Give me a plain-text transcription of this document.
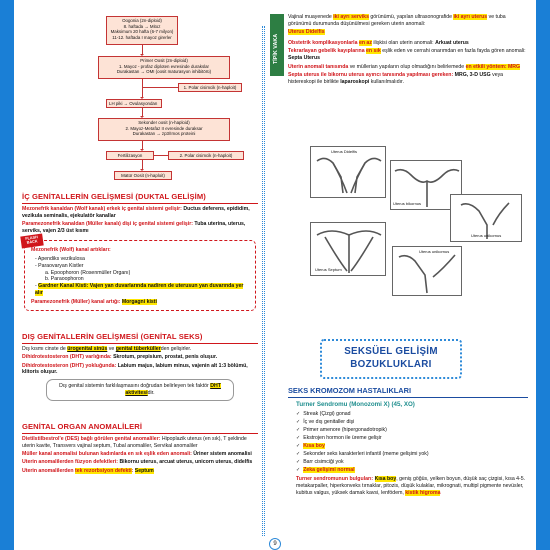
Oogonia (2n-diploid)
8. haftada → Mitoz
Maksimum 20 hafta (6-7 milyon)
11-12. haftada I mayoz girerler
Primer Oosit (2n-diploid)
1. Mayoz - profaz diploten evresinde durakslar
Durakastan → OMI (oosit maturasyon inhibitörü)
1. Polar cisimcik (n-haploit)
LH piki → Ovulasyondan
Sekonder oosit (n-haploid)
2. Mayoz-Metafaz II evresinde duraksar
Durakastan → zp3/Imos proteini
Fertilizasyon	2. Polar cisimcik (n-haploit)
Matür Oosit (n-haploit)
İÇ GENİTALLERİN GELİŞMESİ (DUKTAL GELİŞİM)
Mezonefrik kanaldan (Wolf kanalı) erkek iç genital sistemi gelişir: Ductus deferens, epididim, vezikula seminalis, ejekulatör kanallar
Paramezonefrik kanaldan (Müller kanalı) dişi iç genital sistemi gelişir: Tuba uterina, uterus, serviks, vajen 2/3 üst kısmı
FLASH BACK
Mezonefrik (Wolf) kanal artıkları:
- Apendiks vezikulosa
- Paraovaryan Kistler
a. Epoophoron (Rosenmüller Organı)
b. Paraoophoron
- Gardner Kanal Kisti: Vajen yan duvarlarında nadiren de uterusun yan duvarında yer alır
Paramezonefrik (Müller) kanal artığı: Morgagni kisti
DIŞ GENİTALLERİN GELİŞMESİ (GENİTAL SEKS)
Dış kısmı cinste de ürogenital sinüs ve genital tüberküllerden gelişirler.
Dihidrotestosteron (DHT) varlığında: Skrotum, prepisium, prostat, penis oluşur.
Dihidrotestosteron (DHT) yokluğunda: Labium majus, labium minus, vajenin alt 1:3 bölümü, klitoris oluşur.
Dış genital sistemin farklılaşmasını doğrudan belirleyen tek faktör DHT aktivitesidir.
GENİTAL ORGAN ANOMALİLERİ
Dietilstilbestrol'e (DES) bağlı görülen genital anomaliler: Hipoplazik uterus (en sık), T şeklinde uterin kavite, Transvers vajinal septum, Tubal anomaliler, Servikal anomaliler
Müller kanal anomalisi bulunan kadınlarda en sık eşlik eden anomali: Üriner sistem anomalisi
Uterin anomalilerden füzyon defektleri: Bikornu uterus, arcuat uterus, unicorn uterus, didelfis
Uterin anomalilerden tek rezorbsiyon defekti: Septum
TİPİK VAKA
Vajinal muayenede iki ayrı serviks görünümü, yapılan ultrasonografide iki ayrı uterus ve tuba görünümü durumunda düşünülmesi gereken uterin anomali:
Uterus Didelfis
Obstetrik komplikasyonlarla en az ilişkisi olan uterin anomali: Arkuat uterus
Tekrarlayan gebelik kayıplarına en sık eşlik eden ve cerrahi onarımdan en fazla fayda gören anomali: Septa Uterus
Uterin anomali tanısında ve müllerian yapıların olup olmadığını belirlemede en etkili yöntem: MRG
Septa uterus ile bikornu uterus ayırıcı tanısında yapılması gereken: MRG, 3-D USG veya histereskopi ile birlikte laparoskopi kullanılmalıdır.
Uterus Didelfis
Uterus bikornus
Uterus unikornus
Uterus Septum
Uterus unikornus
SEKSÜEL GELİŞİM
BOZUKLUKLARI
SEKS KROMOZOM HASTALIKLARI
Turner Sendromu (Monozomi X) (45, XO)
✓ Streak (Çizgi) gonad
✓ İç ve dış genitaller dişi
✓ Primer amenore (hipergonadotropik)
✓ Ekstrojen hormon ile üreme gelişir
✓ Kısa boy
✓ Sekonder seks karakterleri infantil (meme gelişimi yok)
✓ Barr cisimciği yok
✓ Zeka gelişimi normal
Turner sendromunun bulguları: Kısa boy, geniş göğüs, yelken boyun, düşük saç çizgisi, kısa 4-5. metakarpaller, hiperkonveks tırnaklar, pitozis, düşük kulaklar, mikrognati, multipl pigmente nevüsler, kubitus valgus, yüksek damak kavsi, lenfödem, kistik higroma
9
